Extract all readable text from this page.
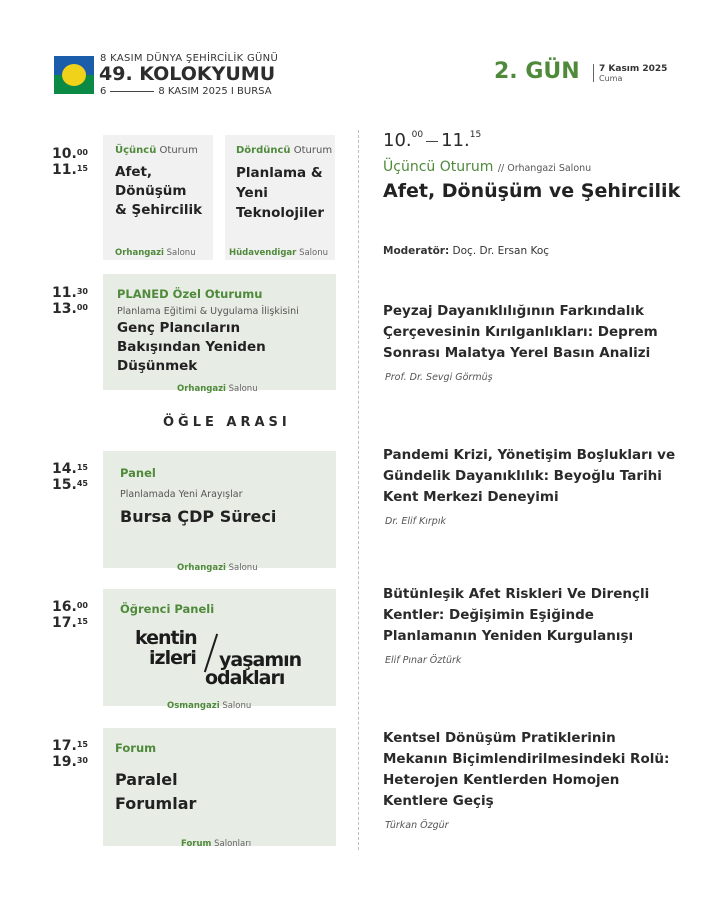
8 KASIM DÜNYA ŞEHİRCİLİK GÜNÜ
49. KOLOKYUMU
6	8 KASIM 2025
I
BURSA
2. GÜN 7 Kasım 2025
Cuma
10.00
11.15
11.30
13.00
14.15
15.45
16.00
17.15
17.15
19.30
Üçüncü Oturum
Afet,
Dönüşüm
& Şehircilik
Orhangazi Salonu
Dördüncü Oturum
Planlama &
Yeni
Teknolojiler
Hüdavendigar Salonu
PLANED Özel Oturumu
Planlama Eğitimi & Uygulama İlişkisini
Genç Plancıların
Bakışından Yeniden
Düşünmek
Orhangazi Salonu
ÖĞLE ARASI
Panel
Planlamada Yeni Arayışlar
Bursa ÇDP Süreci
Orhangazi Salonu
Öğrenci Paneli
kentin
izleri yaşamın
odakları
Osmangazi Salonu
Forum
Paralel
Forumlar
Forum Salonları
10.00 11.15
Üçüncü Oturum // Orhangazi Salonu
Afet, Dönüşüm ve Şehircilik
Moderatör: Doç. Dr. Ersan Koç
Peyzaj Dayanıklılığının Farkındalık Çerçevesinin Kırılganlıkları: Deprem Sonrası Malatya Yerel Basın Analizi
Prof. Dr. Sevgi Görmüş
Pandemi Krizi, Yönetişim Boşlukları ve Gündelik Dayanıklılık: Beyoğlu Tarihi Kent Merkezi Deneyimi
Dr. Elif Kırpık
Bütünleşik Afet Riskleri Ve Dirençli Kentler: Değişimin Eşiğinde Planlamanın Yeniden Kurgulanışı
Elif Pınar Öztürk
Kentsel Dönüşüm Pratiklerinin Mekanın Biçimlendirilmesindeki Rolü: Heterojen Kentlerden Homojen Kentlere Geçiş
Türkan Özgür
